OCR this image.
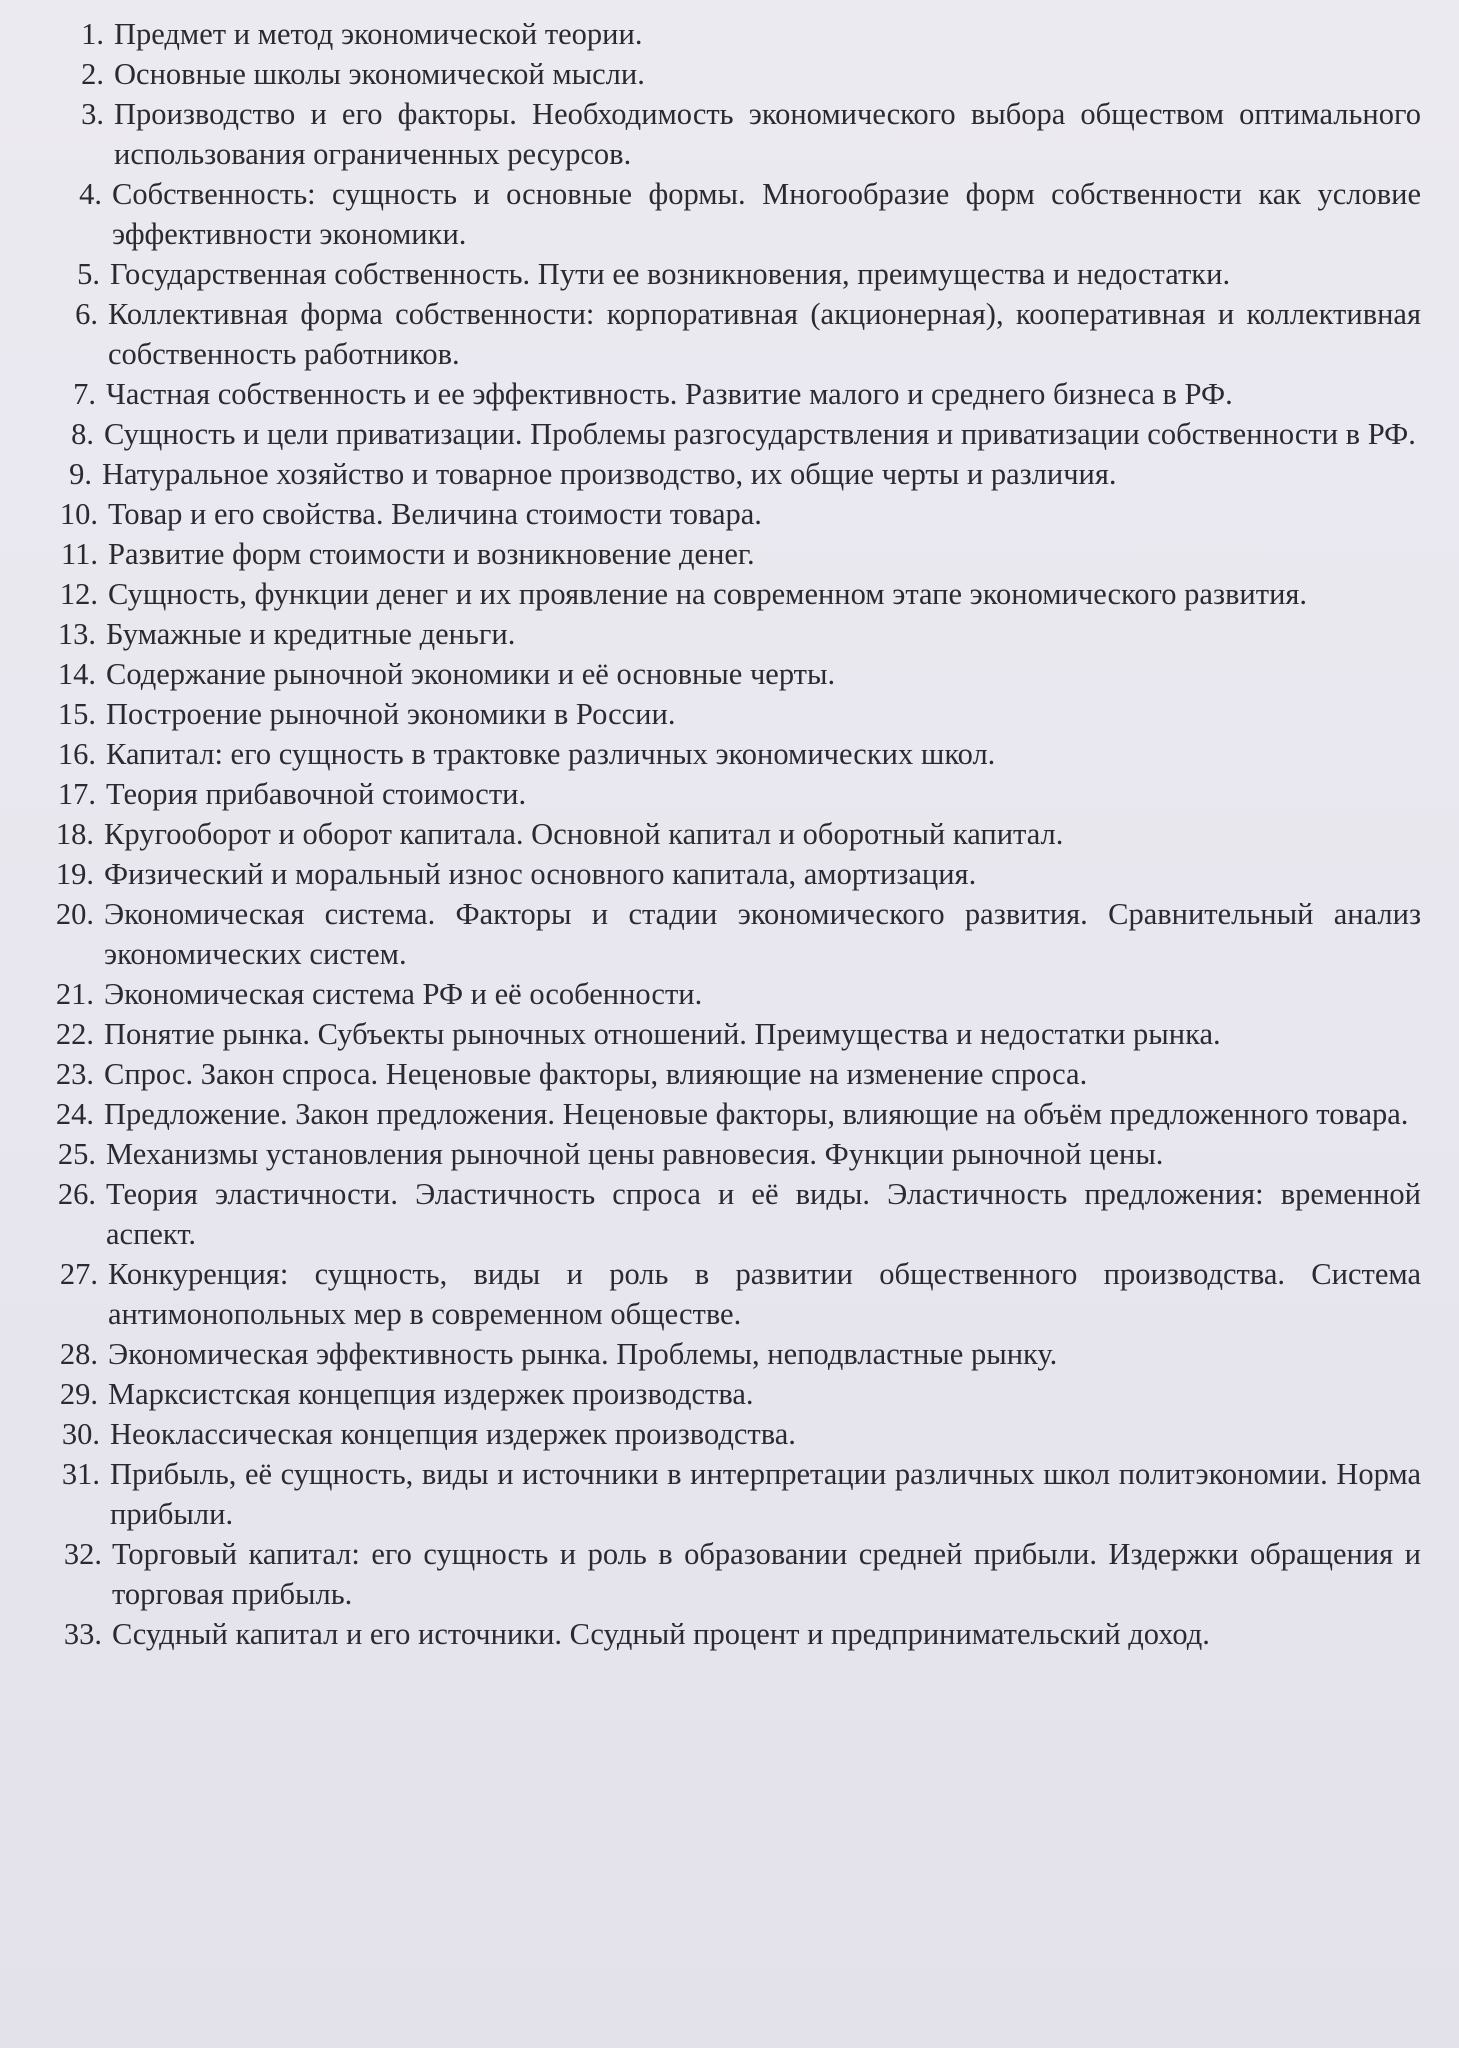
1. Предмет и метод экономической теории.
2. Основные школы экономической мысли.
3. Производство и его факторы. Необходимость экономического выбора обществом оптимального использования ограниченных ресурсов.
4. Собственность: сущность и основные формы. Многообразие форм собственности как условие эффективности экономики.
5. Государственная собственность. Пути ее возникновения, преимущества и недостатки.
6. Коллективная форма собственности: корпоративная (акционерная), кооперативная и коллективная собственность работников.
7. Частная собственность и ее эффективность. Развитие малого и среднего бизнеса в РФ.
8. Сущность и цели приватизации. Проблемы разгосударствления и приватизации собственности в РФ.
9. Натуральное хозяйство и товарное производство, их общие черты и различия.
10. Товар и его свойства. Величина стоимости товара.
11. Развитие форм стоимости и возникновение денег.
12. Сущность, функции денег и их проявление на современном этапе экономического развития.
13. Бумажные и кредитные деньги.
14. Содержание рыночной экономики и её основные черты.
15. Построение рыночной экономики в России.
16. Капитал: его сущность в трактовке различных экономических школ.
17. Теория прибавочной стоимости.
18. Кругооборот и оборот капитала. Основной капитал и оборотный капитал.
19. Физический и моральный износ основного капитала, амортизация.
20. Экономическая система. Факторы и стадии экономического развития. Сравнительный анализ экономических систем.
21. Экономическая система РФ и её особенности.
22. Понятие рынка. Субъекты рыночных отношений. Преимущества и недостатки рынка.
23. Спрос. Закон спроса. Неценовые факторы, влияющие на изменение спроса.
24. Предложение. Закон предложения. Неценовые факторы, влияющие на объём предложенного товара.
25. Механизмы установления рыночной цены равновесия. Функции рыночной цены.
26. Теория эластичности. Эластичность спроса и её виды. Эластичность предложения: временной аспект.
27. Конкуренция: сущность, виды и роль в развитии общественного производства. Система антимонопольных мер в современном обществе.
28. Экономическая эффективность рынка. Проблемы, неподвластные рынку.
29. Марксистская концепция издержек производства.
30. Неоклассическая концепция издержек производства.
31. Прибыль, её сущность, виды и источники в интерпретации различных школ политэкономии. Норма прибыли.
32. Торговый капитал: его сущность и роль в образовании средней прибыли. Издержки обращения и торговая прибыль.
33. Ссудный капитал и его источники. Ссудный процент и предпринимательский доход.
